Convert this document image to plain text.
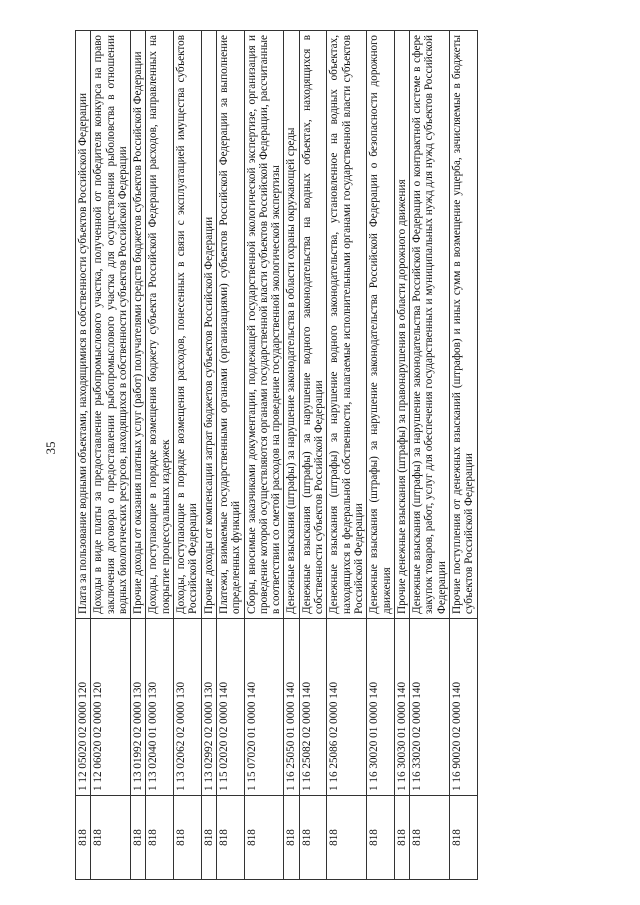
35
818	1 12 05020 02 0000 120	Плата за пользование водными объектами, находящимися в собственности субъектов Российской Федерации
818	1 12 06020 02 0000 120	Доходы в виде платы за предоставление рыбопромыслового участка, полученной от победителя конкурса на право заключения договора о предоставлении рыбопромыслового участка для осуществления рыболовства в отношении водных биологических ресурсов, находящихся в собственности субъектов Российской Федерации
818	1 13 01992 02 0000 130	Прочие доходы от оказания платных услуг (работ) получателями средств бюджетов субъектов Российской Федерации
818	1 13 02040 01 0000 130	Доходы, поступающие в порядке возмещения бюджету субъекта Российской Федерации расходов, направленных на покрытие процессуальных издержек
818	1 13 02062 02 0000 130	Доходы, поступающие в порядке возмещения расходов, понесенных в связи с эксплуатацией имущества субъектов Российской Федерации
818	1 13 02992 02 0000 130	Прочие доходы от компенсации затрат бюджетов субъектов Российской Федерации
818	1 15 02020 02 0000 140	Платежи, взимаемые государственными органами (организациями) субъектов Российской Федерации за выполнение определенных функций
818	1 15 07020 01 0000 140	Сборы, вносимые заказчиками документации, подлежащей государственной экологической экспертизе, организация и проведение которой осуществляются органами государственной власти субъектов Российской Федерации, рассчитанные в соответствии со сметой расходов на проведение государственной экологической экспертизы
818	1 16 25050 01 0000 140	Денежные взыскания (штрафы) за нарушение законодательства в области охраны окружающей среды
818	1 16 25082 02 0000 140	Денежные взыскания (штрафы) за нарушение водного законодательства на водных объектах, находящихся в собственности субъектов Российской Федерации
818	1 16 25086 02 0000 140	Денежные взыскания (штрафы) за нарушение водного законодательства, установленное на водных объектах, находящихся в федеральной собственности, налагаемые исполнительными органами государственной власти субъектов Российской Федерации
818	1 16 30020 01 0000 140	Денежные взыскания (штрафы) за нарушение законодательства Российской Федерации о безопасности дорожного движения
818	1 16 30030 01 0000 140	Прочие денежные взыскания (штрафы) за правонарушения в области дорожного движения
818	1 16 33020 02 0000 140	Денежные взыскания (штрафы) за нарушение законодательства Российской Федерации о контрактной системе в сфере закупок товаров, работ, услуг для обеспечения государственных и муниципальных нужд для нужд субъектов Российской Федерации
818	1 16 90020 02 0000 140	Прочие поступления от денежных взысканий (штрафов) и иных сумм в возмещение ущерба, зачисляемые в бюджеты субъектов Российской Федерации
